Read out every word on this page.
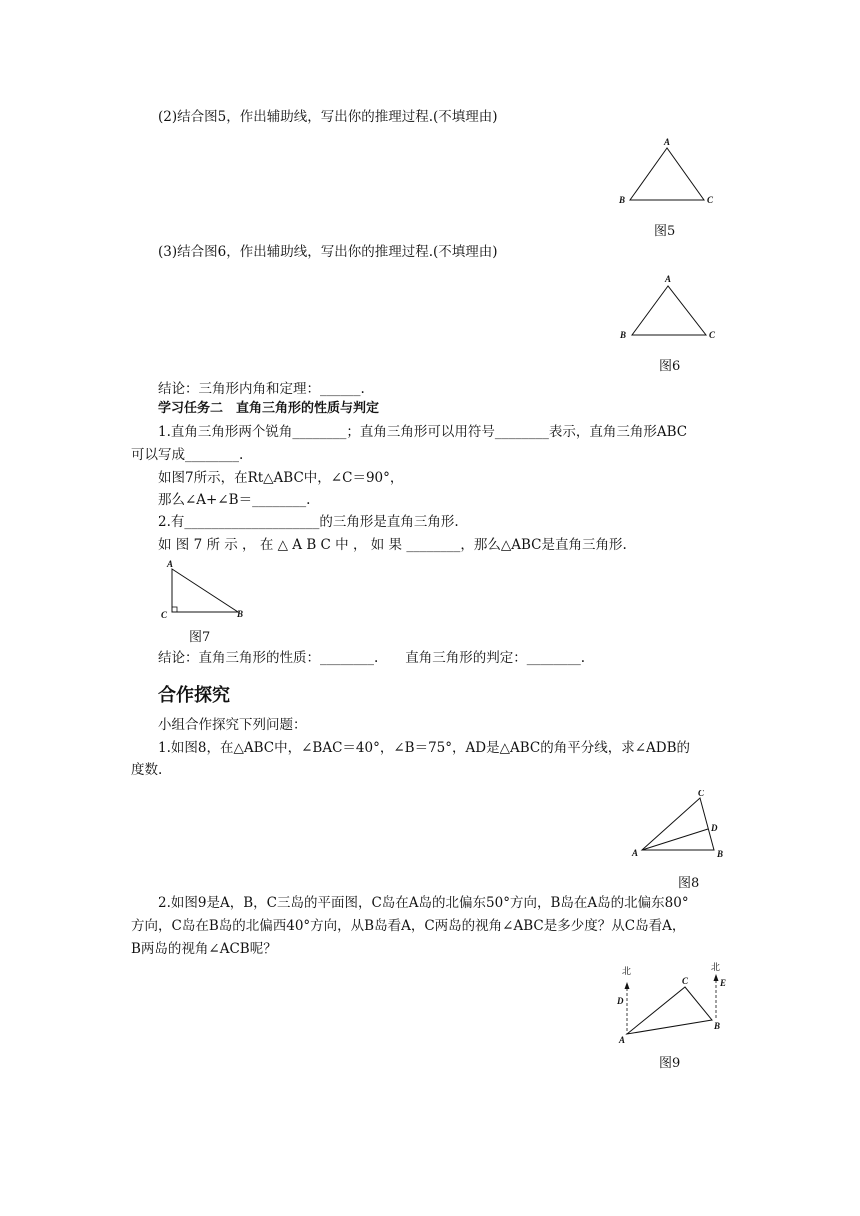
(2)结合图5，作出辅助线，写出你的推理过程.(不填理由)
A
B	C
图5
(3)结合图6，作出辅助线，写出你的推理过程.(不填理由)
A
B	C
图6
结论：三角形内角和定理：______.
学习任务二　直角三角形的性质与判定
1.直角三角形两个锐角________；直角三角形可以用符号________表示，直角三角形ABC
可以写成________.
如图7所示，在Rt△ABC中，∠C＝90°，
那么∠A+∠B＝________.
2.有____________________的三角形是直角三角形.
如 图 7 所 示 ， 在 △ A B C 中 ， 如 果 ________，那么△ABC是直角三角形.
A
C	B
图7
结论：直角三角形的性质：________.　　直角三角形的判定：________.
合作探究
小组合作探究下列问题：
1.如图8，在△ABC中，∠BAC＝40°，∠B＝75°，AD是△ABC的角平分线，求∠ADB的
度数.
C
D
A	B
图8
2.如图9是A，B，C三岛的平面图，C岛在A岛的北偏东50°方向，B岛在A岛的北偏东80°
方向，C岛在B岛的北偏西40°方向，从B岛看A，C两岛的视角∠ABC是多少度？从C岛看A，
B两岛的视角∠ACB呢？
北	北
D
E
C
B
A
图9
